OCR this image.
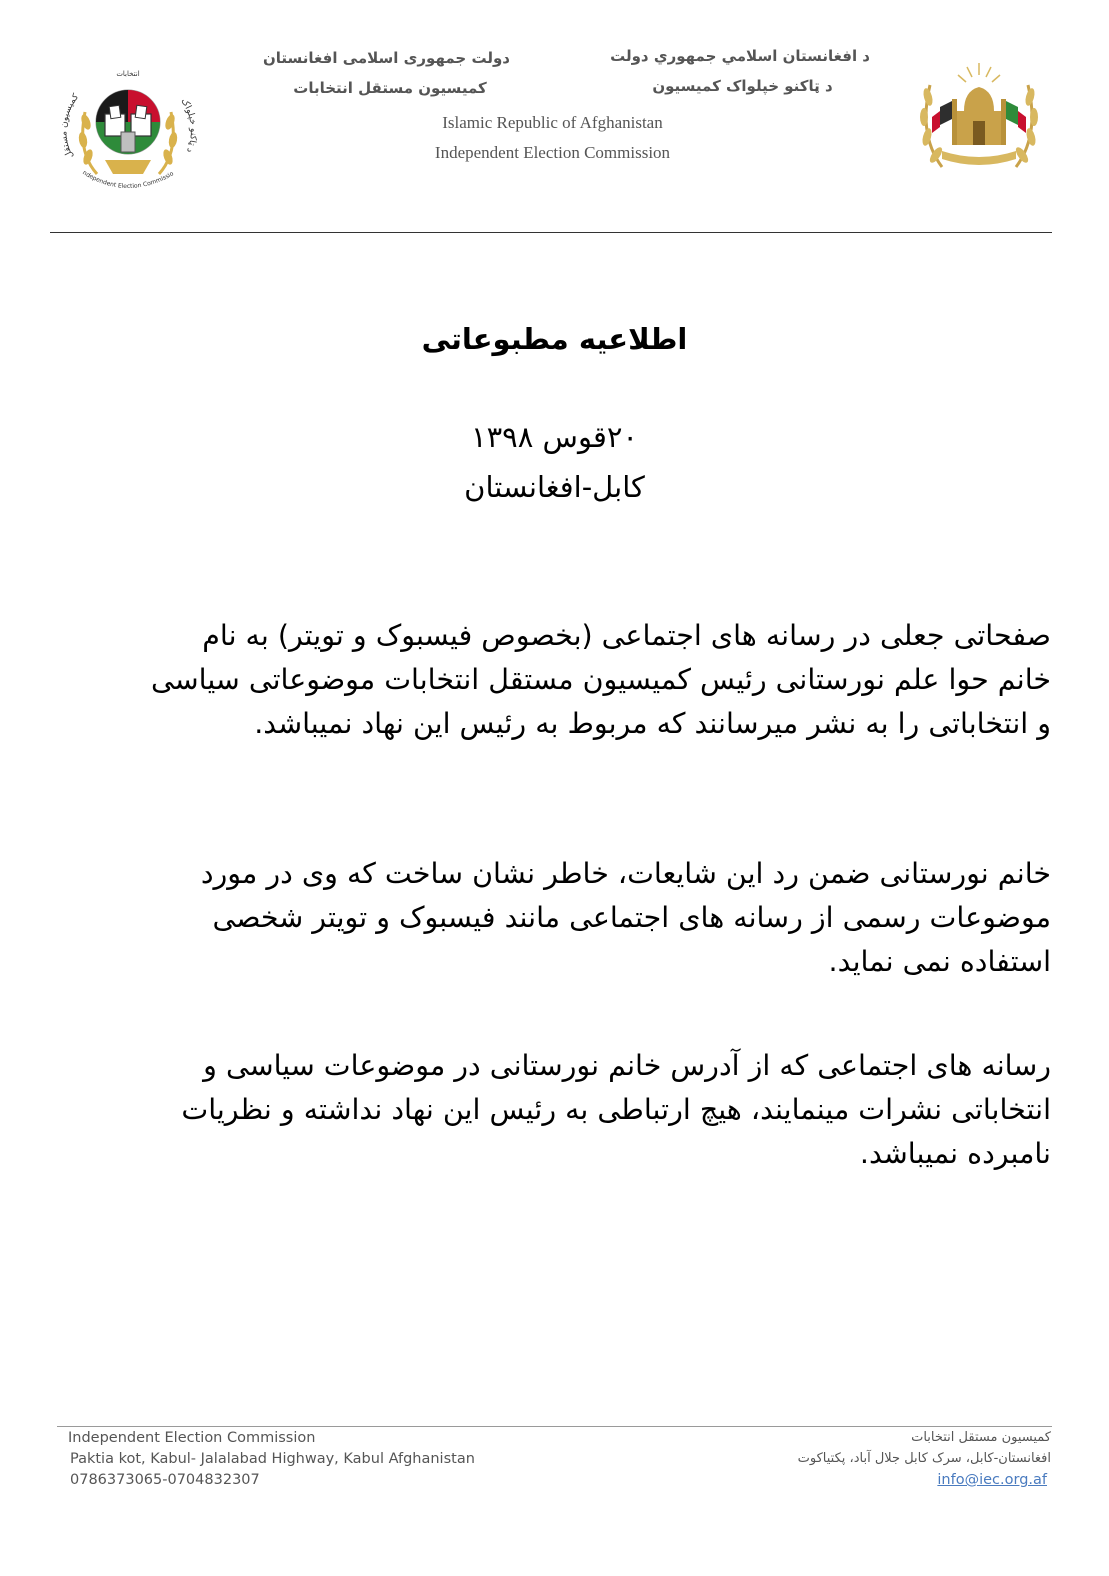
کمیسیون مستقل	د ټاکنو خپلواک
ndependent Election Commissio
انتخابات
دولت جمهوری اسلامی افغانستان
کمیسیون مستقل انتخابات
د افغانستان اسلامي جمهوري دولت
د ټاکنو خپلواک کمیسیون
Islamic Republic of Afghanistan
Independent Election Commission
اطلاعیه مطبوعاتی
۲۰قوس ۱۳۹۸
کابل-افغانستان
صفحاتی جعلی در رسانه های اجتماعی (بخصوص فیسبوک و تویتر) به نام
خانم حوا علم نورستانی رئیس کمیسیون مستقل انتخابات موضوعاتی سیاسی
و انتخاباتی را به نشر میرسانند که مربوط به رئیس این نهاد نمیباشد.
خانم نورستانی ضمن رد این شایعات، خاطر نشان ساخت که وی در مورد
موضوعات رسمی از رسانه های اجتماعی مانند فیسبوک و تویتر شخصی
استفاده نمی نماید.
رسانه های اجتماعی که از آدرس خانم نورستانی در موضوعات سیاسی و
انتخاباتی نشرات مینمایند، هیچ ارتباطی به رئیس این نهاد نداشته و نظریات
نامبرده نمیباشد.
Independent Election Commission
Paktia kot, Kabul- Jalalabad Highway, Kabul Afghanistan
0786373065-0704832307
کمیسیون مستقل انتخابات
افغانستان-کابل، سرک کابل جلال آباد، پکتیاکوت
info@iec.org.af
